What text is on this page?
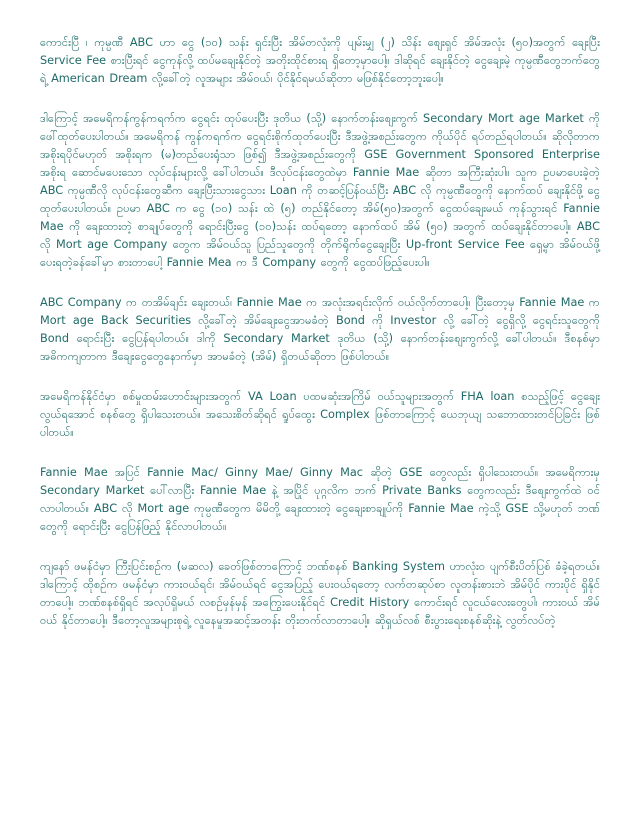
ကောင်းပြီ ၊ ကုမ္ပဏီ ABC ဟာ ငွေ (၁၀) သန်း ရှင်းပြီး အိမ်တလုံးကို ပျမ်းမျှ (၂) သိန်း စျေးရှင် အိမ်အလုံး (၅၀)အတွက် ချေးပြီး Service Fee စားပြီးရင် ငွေကုန်လို့ ထပ်မချေးနိုင်တဲ့ အတိုးထိုင်စားရ ရှိတော့မှာပေါ့။ ဒါဆိုရင် ချေးနိုင်တဲ့ ငွေချေးမဲ့ ကုမ္ပဏီတွေဘက်တွေရဲ့ American Dream လို့ခေါ်တဲ့ လူအများ အိမ်ဝယ်၊ ပိုင်နိုင်ရမယ်ဆိုတာ မဖြစ်နိုင်တော့ဘူးပေါ့။

ဒါကြောင့် အမေရိကန်ကွန်ကရက်က ငွေရင်း ထုပ်ပေးပြီး ဒုတိယ (သို့) နောက်တန်းစျေးကွက် Secondary Mort age Market ကို ဖေါ်ထုတ်ပေးပါတယ်။ အမေရိကန် ကွန်ကရက်က ငွေရင်းစိုက်ထုတ်ပေးပြီး ဒီအဖွဲ့အစည်းတွေက ကိုယ်ပိုင် ရပ်တည်ရပါတယ်။ ဆိုလိုတာက အစိုးရပိုင်မဟုတ် အစိုးရက (မ)တည်ပေးရုံသာ ဖြစ်၍ ဒီအဖွဲ့အစည်းတွေကို GSE Government Sponsored Enterprise အစိုးရ ဆောင်မပေးသော လုပ်ငန်းများလို့ ခေါ်ပါတယ်။ ဒီလုပ်ငန်းတွေထဲမှာ Fannie Mae ဆိုတာ အကြီးဆုံးပါ။ သူက ဥပမာပေးခဲ့တဲ့ ABC ကုမ္ပဏီလို လုပ်ငန်းတွေဆီက ချေးပြီးသားငွေသား Loan ကို တဆင့်ပြန်ဝယ်ပြီး ABC လို ကုမ္ပဏီတွေကို နောက်ထပ် ချေးနိုင်ဖို့ ငွေထုတ်ပေးပါတယ်။ ဥပမာ ABC က ငွေ (၁၀) သန်း ထဲ (၅) တည်နိုင်တော့ အိမ်(၅၀)အတွက် ငွေထပ်ချေးမယ် ကုန်သွားရင် Fannie Mae ကို ချေးထားတဲ့ စာချုပ်တွေကို ရောင်းပြီးငွေ (၁၀)သန်း ထပ်ရတော့ နောက်ထပ် အိမ် (၅၀) အတွက် ထပ်ချေးနိုင်တာပေါ့။ ABC လို Mort age Company တွေက အိမ်ဝယ်သူ ပြည်သူတွေကို တိုက်ရိုက်ငွေချေးပြီး Up-front Service Fee ရှေ့မှာ အိမ်ဝယ်ဖို့ ပေးရတဲ့ခန်ခေါ်မှာ စားတာပေါ့ Fannie Mea က ဒီ Company တွေကို ငွေထပ်ဖြည့်ပေးပါ။

ABC Company က တအိမ်ချင်း ချေးတယ်၊ Fannie Mae က အလုံးအရင်းလိုက် ဝယ်လိုက်တာပေါ့။ ပြီးတော့မှ Fannie Mae က Mort age Back Securities လို့ခေါ်တဲ့ အိမ်ချေးငွေအာမခံတဲ့ Bond ကို Investor လို့ ခေါ်တဲ့ ငွေရှိလို့ ငွေရင်းသူတွေကို Bond ရောင်းပြီး ငွေပြန်ရပါတယ်။ ဒါကို Secondary Market ဒုတိယ (သို့) နောက်တန်းစျေးကွက်လို့ ခေါ်ပါတယ်။ ဒီစနစ်မှာ အဓိကကျတာက ဒီချေးငွေတွေနောက်မှာ အာမခံတဲ့ (အိမ်) ရှိတယ်ဆိုတာ ဖြစ်ပါတယ်။

အမေရိကန်နိုင်ငံမှာ စစ်မှုထမ်းဟောင်းများအတွက် VA Loan ပထမဆုံးအကြိမ် ဝယ်သူများအတွက် FHA loan စသည့်ဖြင့် ငွေချေးလွယ်ရအောင် စနစ်တွေ ရှိပါသေးတယ်။ အသေးစိတ်ဆိုရင် ရှုပ်ထွေး Complex ဖြစ်တာကြောင့် ယေဘုယျ သဘောထားတင်ပြခြင်း ဖြစ်ပါတယ်။

Fannie Mae အပြင် Fannie Mac/ Ginny Mae/ Ginny Mac ဆိုတဲ့ GSE တွေလည်း ရှိပါသေးတယ်။ အမေရိကားမှ Secondary Market ပေါ်လာပြီး Fannie Mae နဲ့ အပြိုင် ပုဂ္ဂလိက ဘက် Private Banks တွေကလည်း ဒီစျေးကွက်ထဲ ဝင်လာပါတယ်။ ABC လို Mort age ကုမ္ပဏီတွေက မိမိတို့ ချေးထားတဲ့ ငွေချေးစာချုပ်ကို Fannie Mae ကဲ့သို့ GSE သို့မဟုတ် ဘဏ်တွေကို ရောင်းပြီး ငွေပြန်ဖြည့် နိုင်လာပါတယ်။

ကျနော် ဖမန်ငံမှာ ကြီးပြင်းစဉ်က (မဆလ) ခေတ်ဖြစ်တာကြောင့် ဘဏ်စနစ် Banking System ဟာလုံးဝ ပျက်စီးပိတ်ပြစ် ခံခဲ့ရတယ်။ ဒါကြောင့် ထိုစဉ်က ဖမန်ငံမှာ ကားဝယ်ရင်၊ အိမ်ဝယ်ရင် ငွေအပြည့် ပေးဝယ်ရတော့ လက်တဆုပ်စာ လူတန်းစားဘဲ အိမ်ပိုင် ကားပိုင် ရှိနိုင်တာပေါ့။ ဘဏ်စနစ်ရှိရင် အလုပ်ရှိမယ် လစဉ်မှန်မှန် အကြွေးပေးနိုင်ရင် Credit History ကောင်းရင် လူငယ်လေးတွေပါ၊ ကားဝယ် အိမ်ဝယ် နိုင်တာပေါ့။ ဒီတော့လူအများစုရဲ့ လူနေမှုအဆင့်အတန်း တိုးတက်လာတာပေါ့။ ဆိုရှယ်လစ် စီးပွားရေးစနစ်ဆိုးနဲ့ လွတ်လပ်တဲ့
